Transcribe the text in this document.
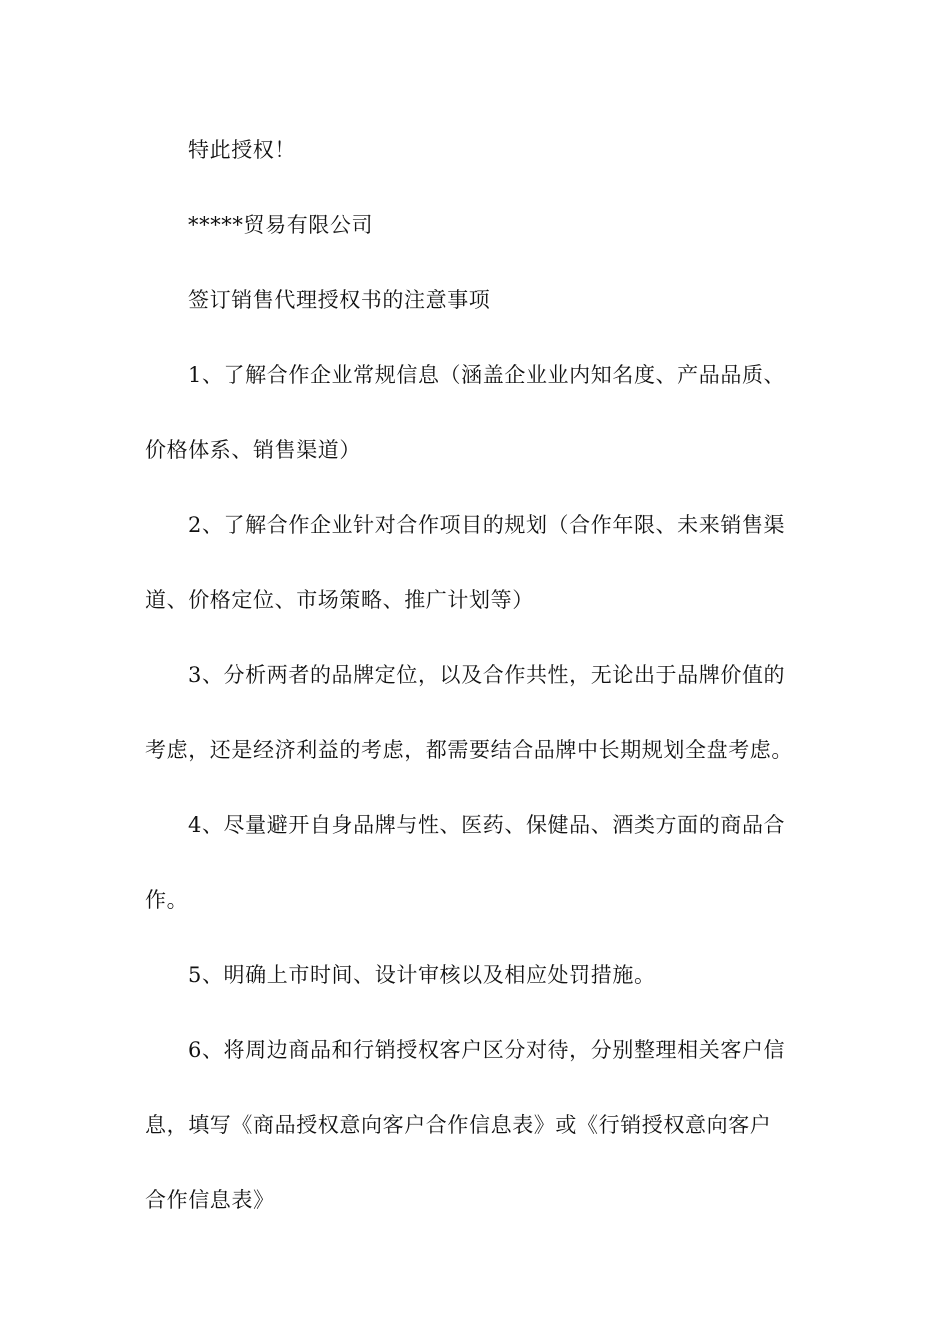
特此授权！

*****贸易有限公司

签订销售代理授权书的注意事项

1、了解合作企业常规信息（涵盖企业业内知名度、产品品质、

价格体系、销售渠道）

2、了解合作企业针对合作项目的规划（合作年限、未来销售渠

道、价格定位、市场策略、推广计划等）

3、分析两者的品牌定位，以及合作共性，无论出于品牌价值的

考虑，还是经济利益的考虑，都需要结合品牌中长期规划全盘考虑。

4、尽量避开自身品牌与性、医药、保健品、酒类方面的商品合

作。

5、明确上市时间、设计审核以及相应处罚措施。

6、将周边商品和行销授权客户区分对待，分别整理相关客户信

息，填写《商品授权意向客户合作信息表》或《行销授权意向客户

合作信息表》
